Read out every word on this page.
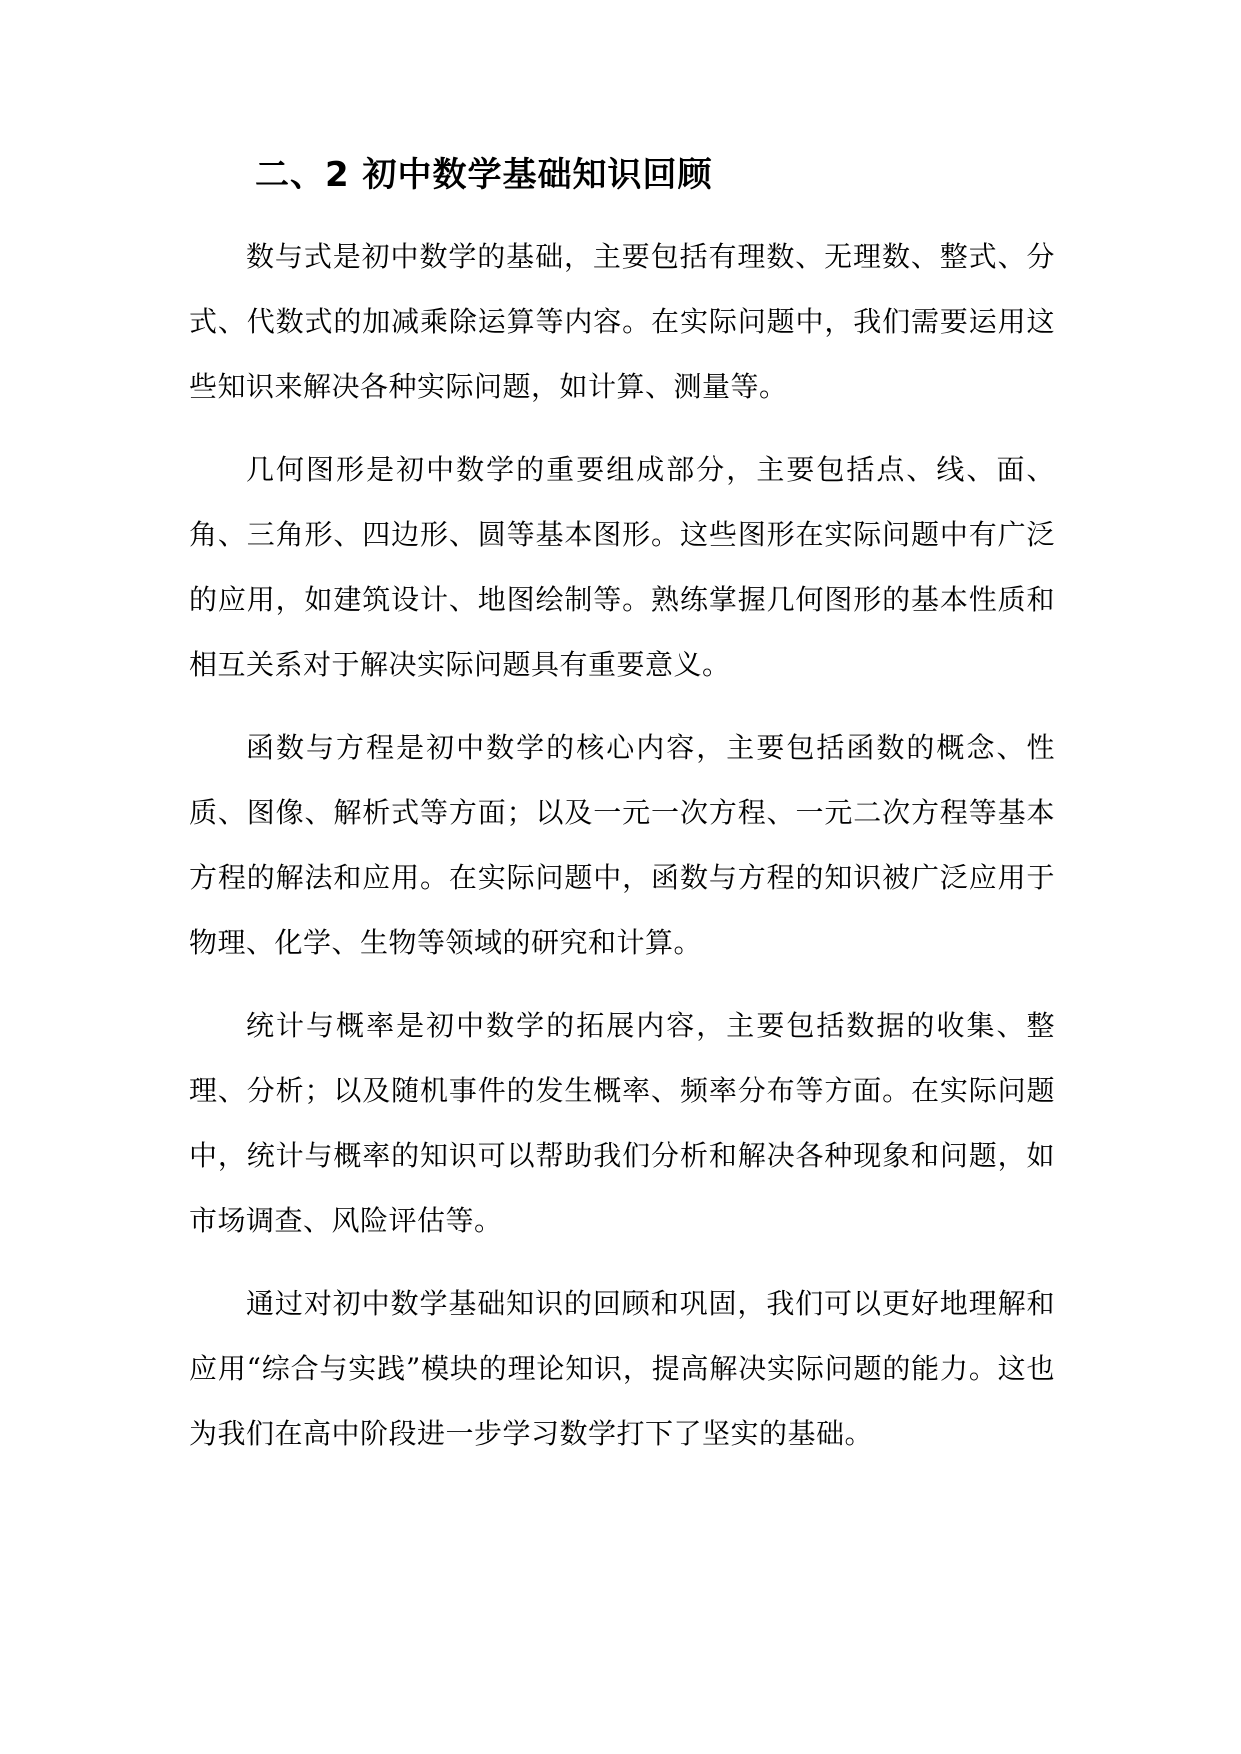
二、2 初中数学基础知识回顾

数与式是初中数学的基础，主要包括有理数、无理数、整式、分式、代数式的加减乘除运算等内容。在实际问题中，我们需要运用这些知识来解决各种实际问题，如计算、测量等。

几何图形是初中数学的重要组成部分，主要包括点、线、面、角、三角形、四边形、圆等基本图形。这些图形在实际问题中有广泛的应用，如建筑设计、地图绘制等。熟练掌握几何图形的基本性质和相互关系对于解决实际问题具有重要意义。

函数与方程是初中数学的核心内容，主要包括函数的概念、性质、图像、解析式等方面；以及一元一次方程、一元二次方程等基本方程的解法和应用。在实际问题中，函数与方程的知识被广泛应用于物理、化学、生物等领域的研究和计算。

统计与概率是初中数学的拓展内容，主要包括数据的收集、整理、分析；以及随机事件的发生概率、频率分布等方面。在实际问题中，统计与概率的知识可以帮助我们分析和解决各种现象和问题，如市场调查、风险评估等。

通过对初中数学基础知识的回顾和巩固，我们可以更好地理解和应用“综合与实践”模块的理论知识，提高解决实际问题的能力。这也为我们在高中阶段进一步学习数学打下了坚实的基础。
